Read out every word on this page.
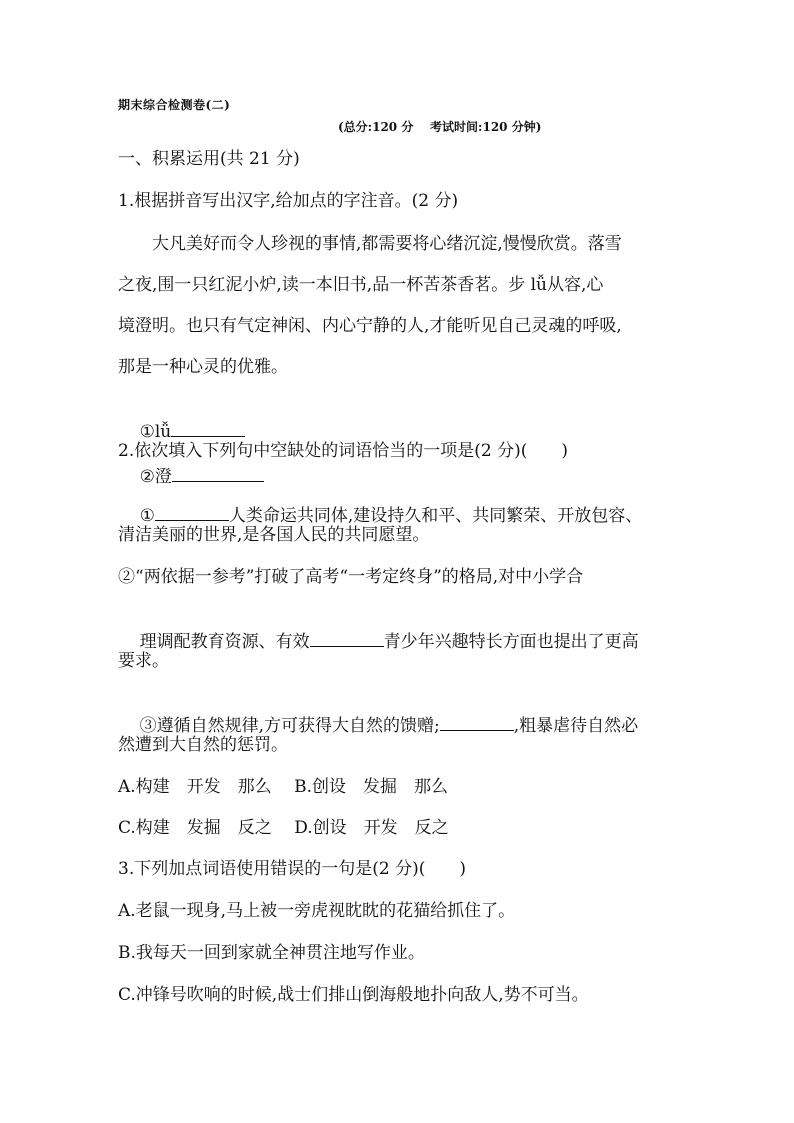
期末综合检测卷(二)
(总分:120 分    考试时间:120 分钟)
一、积累运用(共 21 分)
1.根据拼音写出汉字,给加点的字注音。(2 分)
大凡美好而令人珍视的事情,都需要将心绪沉淀,慢慢欣赏。落雪
之夜,围一只红泥小炉,读一本旧书,品一杯苦茶香茗。步 lǚ从容,心
境澄明。也只有气定神闲、内心宁静的人,才能听见自己灵魂的呼吸,
那是一种心灵的优雅。

①lǚ

②澄

2.依次填入下列句中空缺处的词语恰当的一项是(2 分)(　　)

①	人类命运共同体,建设持久和平、共同繁荣、开放包容、

清洁美丽的世界,是各国人民的共同愿望。
②“两依据一参考”打破了高考“一考定终身”的格局,对中小学合

理调配教育资源、有效	青少年兴趣特长方面也提出了更高

要求。

③遵循自然规律,方可获得大自然的馈赠;	,粗暴虐待自然必

然遭到大自然的惩罚。
A.构建　开发　那么　 B.创设　发掘　那么
C.构建　发掘　反之　 D.创设　开发　反之
3.下列加点词语使用错误的一句是(2 分)(　　)
A.老鼠一现身,马上被一旁虎视眈眈的花猫给抓住了。
B.我每天一回到家就全神贯注地写作业。
C.冲锋号吹响的时候,战士们排山倒海般地扑向敌人,势不可当。
